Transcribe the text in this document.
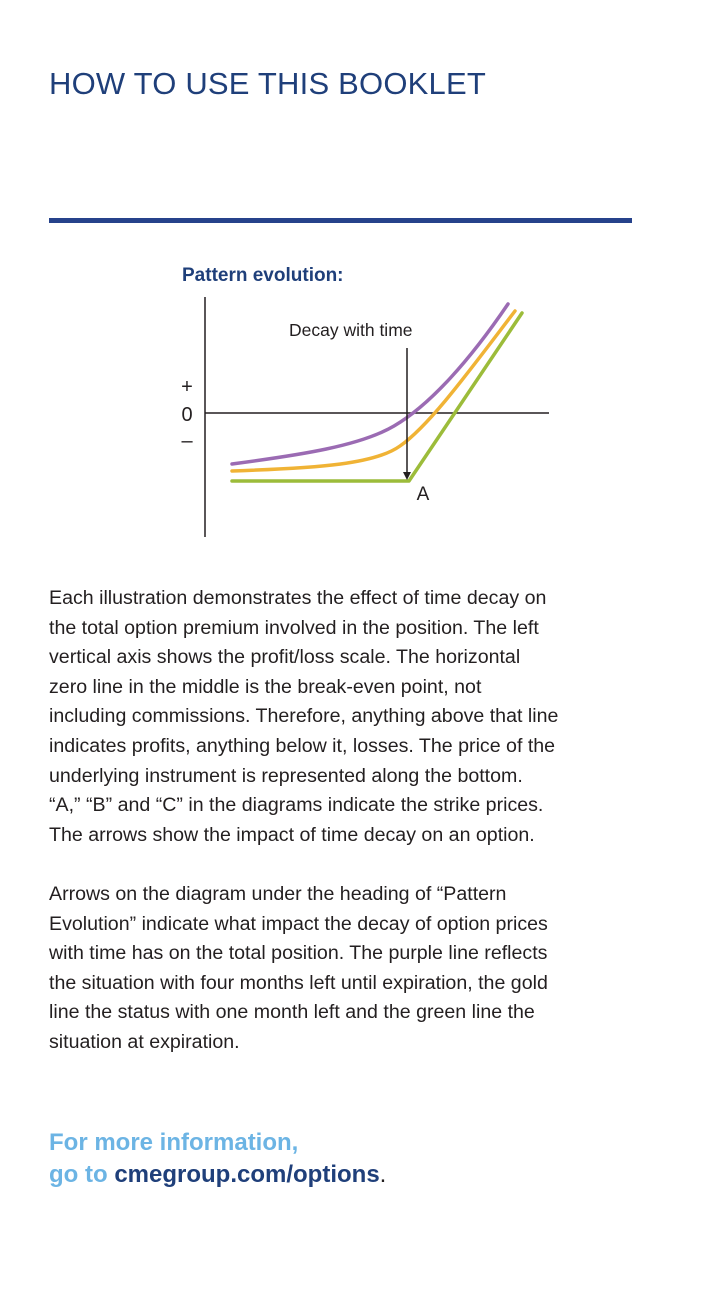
HOW TO USE THIS BOOKLET

Pattern evolution:

+
0
–
Decay with time
A

Each illustration demonstrates the effect of time decay on
the total option premium involved in the position. The left
vertical axis shows the profit/loss scale. The horizontal
zero line in the middle is the break-even point, not
including commissions. Therefore, anything above that line
indicates profits, anything below it, losses. The price of the
underlying instrument is represented along the bottom.
“A,” “B” and “C” in the diagrams indicate the strike prices.
The arrows show the impact of time decay on an option.

Arrows on the diagram under the heading of “Pattern
Evolution” indicate what impact the decay of option prices
with time has on the total position. The purple line reflects
the situation with four months left until expiration, the gold
line the status with one month left and the green line the
situation at expiration.

For more information,
go to cmegroup.com/options.
